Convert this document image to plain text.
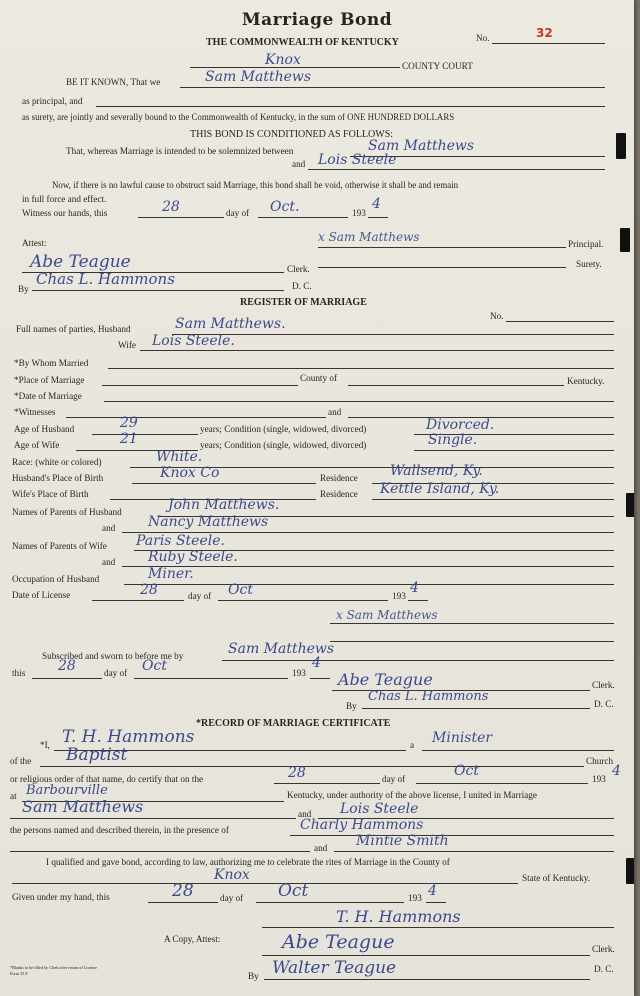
Marriage Bond
THE COMMONWEALTH OF KENTUCKY	No.	32
Knox	COUNTY COURT
BE IT KNOWN, That we	Sam Matthews
as principal, and
as surety, are jointly and severally bound to the Commonwealth of Kentucky, in the sum of ONE HUNDRED DOLLARS
THIS BOND IS CONDITIONED AS FOLLOWS:
That, whereas Marriage is intended to be solemnized between	Sam Matthews
and Lois Steele
Now, if there is no lawful cause to obstruct said Marriage, this bond shall be void, otherwise it shall be and remain
in full force and effect.
Witness our hands, this	28	day of Oct.	193
4
Attest:	x Sam Matthews	Principal.
Surety.
Abe Teague	Clerk.
By
Chas L. Hammons	D. C.
REGISTER OF MARRIAGE
No.
Full names of parties, Husband	Sam Matthews.
Wife Lois Steele.
*By Whom Married
*Place of Marriage	County of	Kentucky.
*Date of Marriage
*Witnesses	and
Age of Husband	29	years; Condition (single, widowed, divorced)	Divorced.
Age of Wife	21	years; Condition (single, widowed, divorced)	Single.
Race: (white or colored)	White.
Husband's Place of Birth	Knox Co	Residence Wallsend, Ky.
Wife's Place of Birth	Residence Kettle Island, Ky.
Names of Parents of Husband	John Matthews.
and Nancy Matthews
Names of Parents of Wife Paris Steele.
and Ruby Steele.
Occupation of Husband	Miner.
Date of License	28	day of Oct	193 4
x Sam Matthews
Subscribed and sworn to before me by	Sam Matthews
this 28	day of Oct	193
4
Abe Teague	Clerk.
By
Chas L. Hammons	D. C.
*RECORD OF MARRIAGE CERTIFICATE
*I, T. H. Hammons	a Minister
of the Baptist	Church
or religious order of that name, do certify that on the	28	day of	Oct	193 4
at Barbourville	Kentucky, under authority of the above license, I united in Marriage
Sam Matthews	and Lois Steele
the persons named and described therein, in the presence of	Charly Hammons
and Mintie Smith
I qualified and gave bond, according to law, authorizing me to celebrate the rites of Marriage in the County of
Knox	State of Kentucky.
Given under my hand, this	28	day of Oct	193 4
T. H. Hammons
A Copy, Attest:	Abe Teague	Clerk.
By Walter Teague	D. C.
*Blanks to be filled by Clerk after return of License
Form 35 F
